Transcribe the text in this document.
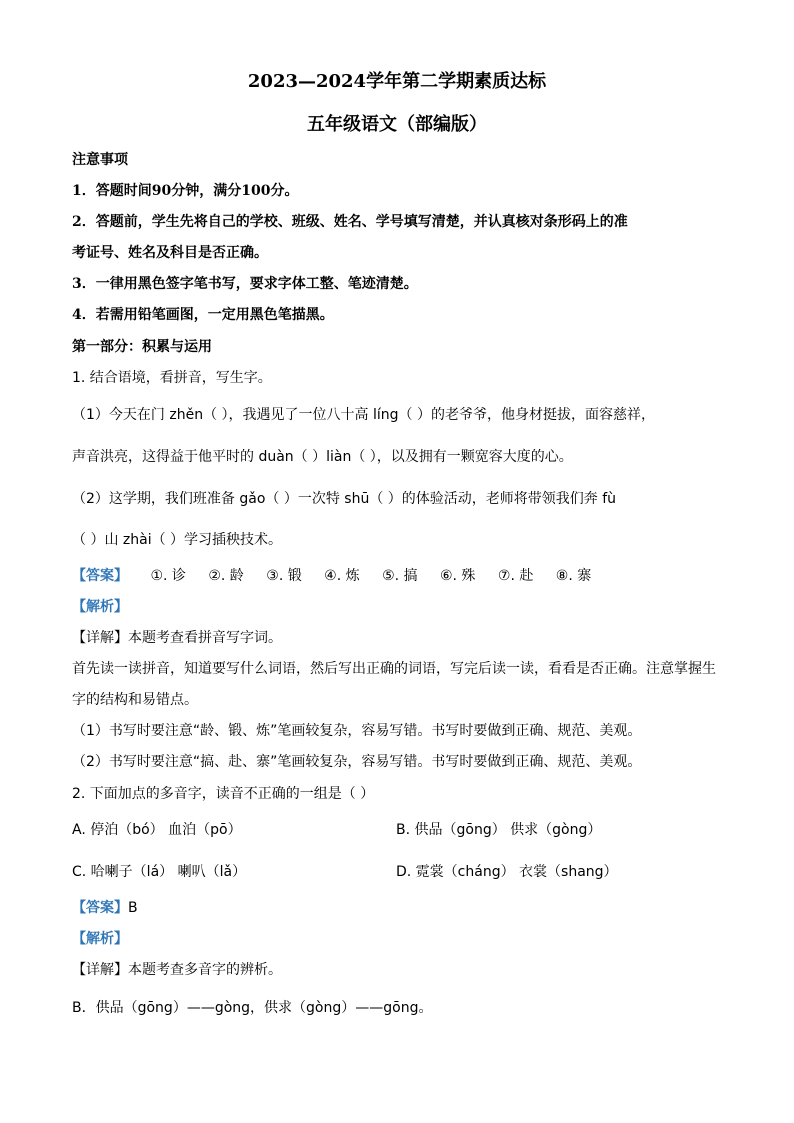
2023—2024学年第二学期素质达标
五年级语文（部编版）
注意事项
1．答题时间90分钟，满分100分。
2．答题前，学生先将自己的学校、班级、姓名、学号填写清楚，并认真核对条形码上的准
考证号、姓名及科目是否正确。
3．一律用黑色签字笔书写，要求字体工整、笔迹清楚。
4．若需用铅笔画图，一定用黑色笔描黑。
第一部分：积累与运用
1. 结合语境，看拼音，写生字。
（1）今天在门 zhěn（ ），我遇见了一位八十高 líng（ ）的老爷爷，他身材挺拔，面容慈祥，
声音洪亮，这得益于他平时的 duàn（ ）liàn（ ），以及拥有一颗宽容大度的心。
（2）这学期，我们班准备 gǎo（ ）一次特 shū（ ）的体验活动，老师将带领我们奔 fù
（ ）山 zhài（ ）学习插秧技术。
【答案】 ①. 诊 ②. 龄 ③. 锻 ④. 炼 ⑤. 搞 ⑥. 殊 ⑦. 赴 ⑧. 寨
【解析】
【详解】本题考查看拼音写字词。
首先读一读拼音，知道要写什么词语，然后写出正确的词语，写完后读一读，看看是否正确。注意掌握生
字的结构和易错点。
（1）书写时要注意“龄、锻、炼”笔画较复杂，容易写错。书写时要做到正确、规范、美观。
（2）书写时要注意“搞、赴、寨”笔画较复杂，容易写错。书写时要做到正确、规范、美观。
2. 下面加点的多音字，读音不正确的一组是（ ）
A. 停泊（bó） 血泊（pō）	B. 供品（gōng） 供求（gòng）
C. 哈喇子（lá） 喇叭（lǎ）	D. 霓裳（cháng） 衣裳（shang）
【答案】B
【解析】
【详解】本题考查多音字的辨析。
B．供品（gōng）——gòng，供求（gòng）——gōng。
